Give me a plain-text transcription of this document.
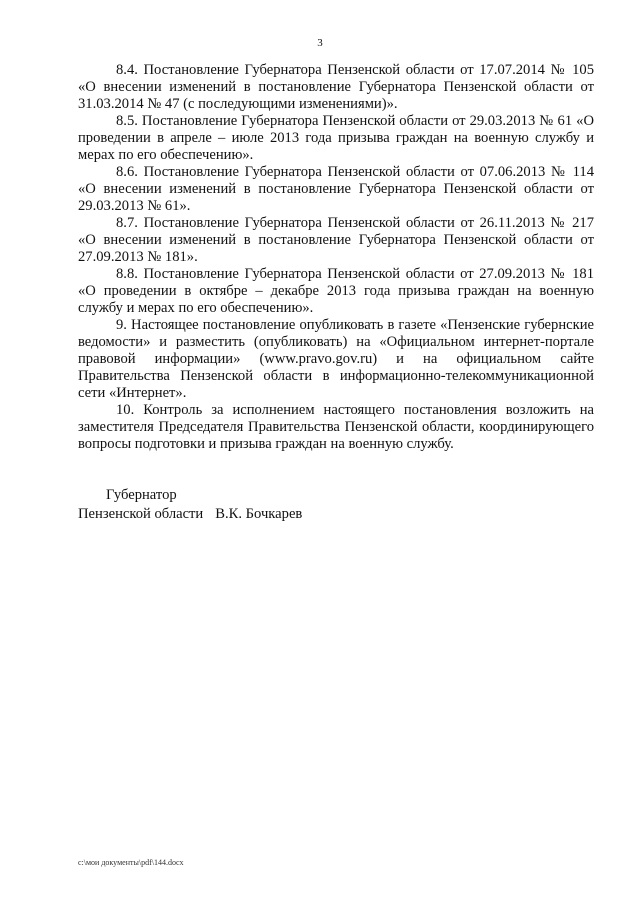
3

8.4. Постановление Губернатора Пензенской области от 17.07.2014 № 105 «О внесении изменений в постановление Губернатора Пензенской области от 31.03.2014 № 47 (с последующими изменениями)».

8.5. Постановление Губернатора Пензенской области от 29.03.2013 № 61 «О проведении в апреле – июле 2013 года призыва граждан на военную службу и мерах по его обеспечению».

8.6. Постановление Губернатора Пензенской области от 07.06.2013 № 114 «О внесении изменений в постановление Губернатора Пензенской области от 29.03.2013 № 61».

8.7. Постановление Губернатора Пензенской области от 26.11.2013 № 217 «О внесении изменений в постановление Губернатора Пензенской области от 27.09.2013 № 181».

8.8. Постановление Губернатора Пензенской области от 27.09.2013 № 181 «О проведении в октябре – декабре 2013 года призыва граждан на военную службу и мерах по его обеспечению».

9. Настоящее постановление опубликовать в газете «Пензенские губернские ведомости» и разместить (опубликовать) на «Официальном интернет-портале правовой информации» (www.pravo.gov.ru) и на официальном сайте Правительства Пензенской области в информационно-телекоммуникационной сети «Интернет».

10. Контроль за исполнением настоящего постановления возложить на заместителя Председателя Правительства Пензенской области, координирующего вопросы подготовки и призыва граждан на военную службу.

Губернатор
Пензенской области В.К. Бочкарев
c:\мои документы\pdf\144.docx
